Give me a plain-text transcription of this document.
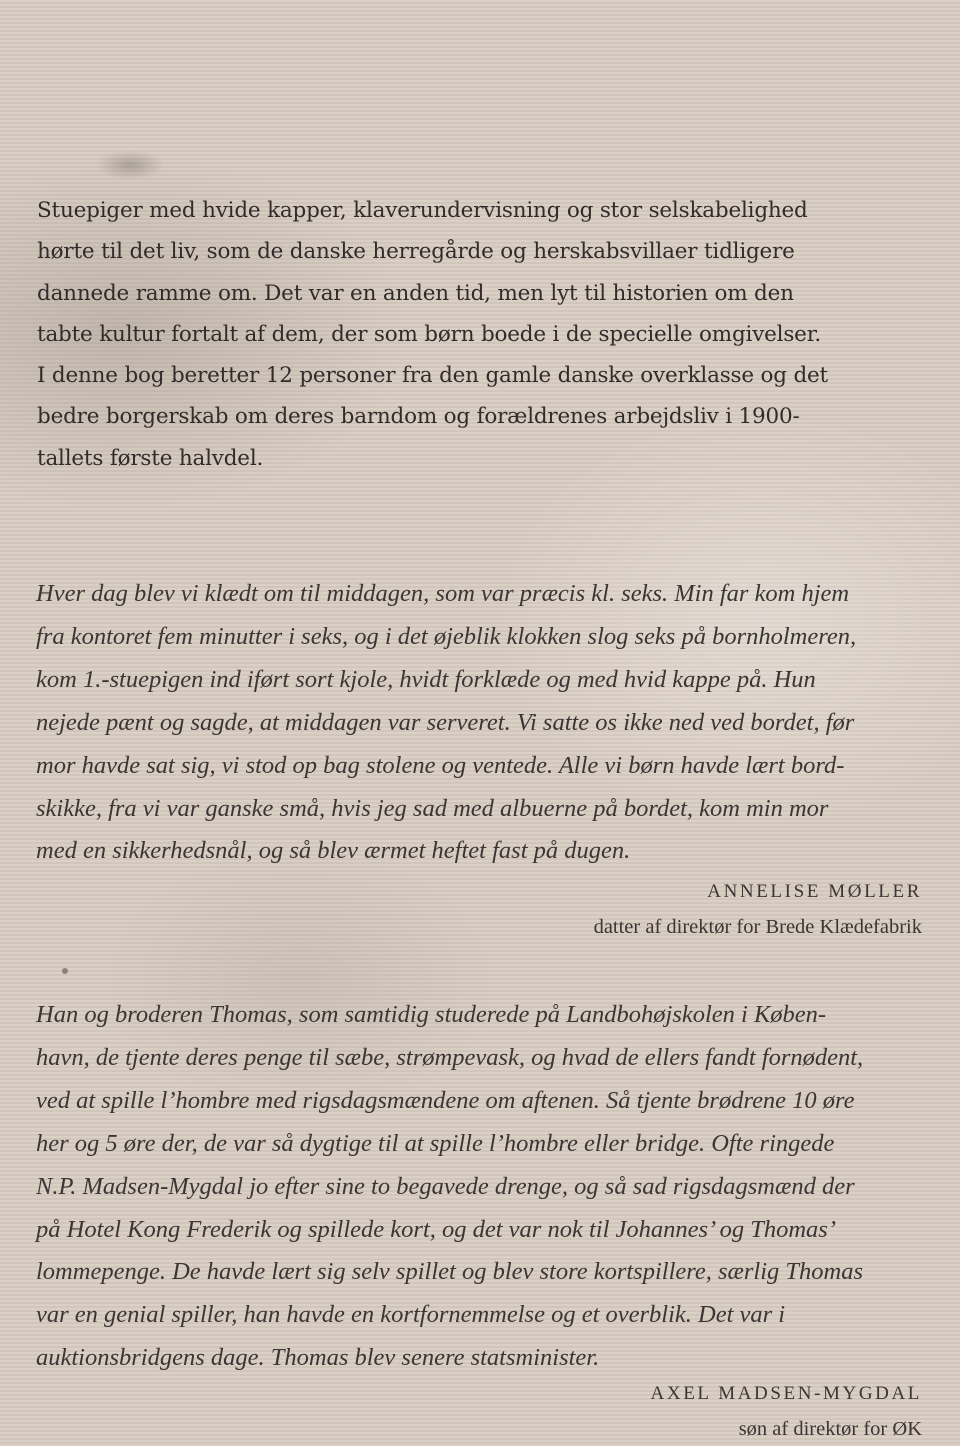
Stuepiger med hvide kapper, klaverundervisning og stor selskabelighed
hørte til det liv, som de danske herregårde og herskabsvillaer tidligere
dannede ramme om. Det var en anden tid, men lyt til historien om den
tabte kultur fortalt af dem, der som børn boede i de specielle omgivelser.
I denne bog beretter 12 personer fra den gamle danske overklasse og det
bedre borgerskab om deres barndom og forældrenes arbejdsliv i 1900-
tallets første halvdel.
Hver dag blev vi klædt om til middagen, som var præcis kl. seks. Min far kom hjem
fra kontoret fem minutter i seks, og i det øjeblik klokken slog seks på bornholmeren,
kom 1.-stuepigen ind iført sort kjole, hvidt forklæde og med hvid kappe på. Hun
nejede pænt og sagde, at middagen var serveret. Vi satte os ikke ned ved bordet, før
mor havde sat sig, vi stod op bag stolene og ventede. Alle vi børn havde lært bord-
skikke, fra vi var ganske små, hvis jeg sad med albuerne på bordet, kom min mor
med en sikkerhedsnål, og så blev ærmet heftet fast på dugen.
ANNELISE MØLLER
datter af direktør for Brede Klædefabrik
Han og broderen Thomas, som samtidig studerede på Landbohøjskolen i Køben-
havn, de tjente deres penge til sæbe, strømpevask, og hvad de ellers fandt fornødent,
ved at spille l’hombre med rigsdagsmændene om aftenen. Så tjente brødrene 10 øre
her og 5 øre der, de var så dygtige til at spille l’hombre eller bridge. Ofte ringede
N.P. Madsen-Mygdal jo efter sine to begavede drenge, og så sad rigsdagsmænd der
på Hotel Kong Frederik og spillede kort, og det var nok til Johannes’ og Thomas’
lommepenge. De havde lært sig selv spillet og blev store kortspillere, særlig Thomas
var en genial spiller, han havde en kortfornemmelse og et overblik. Det var i
auktionsbridgens dage. Thomas blev senere statsminister.
AXEL MADSEN-MYGDAL
søn af direktør for ØK
